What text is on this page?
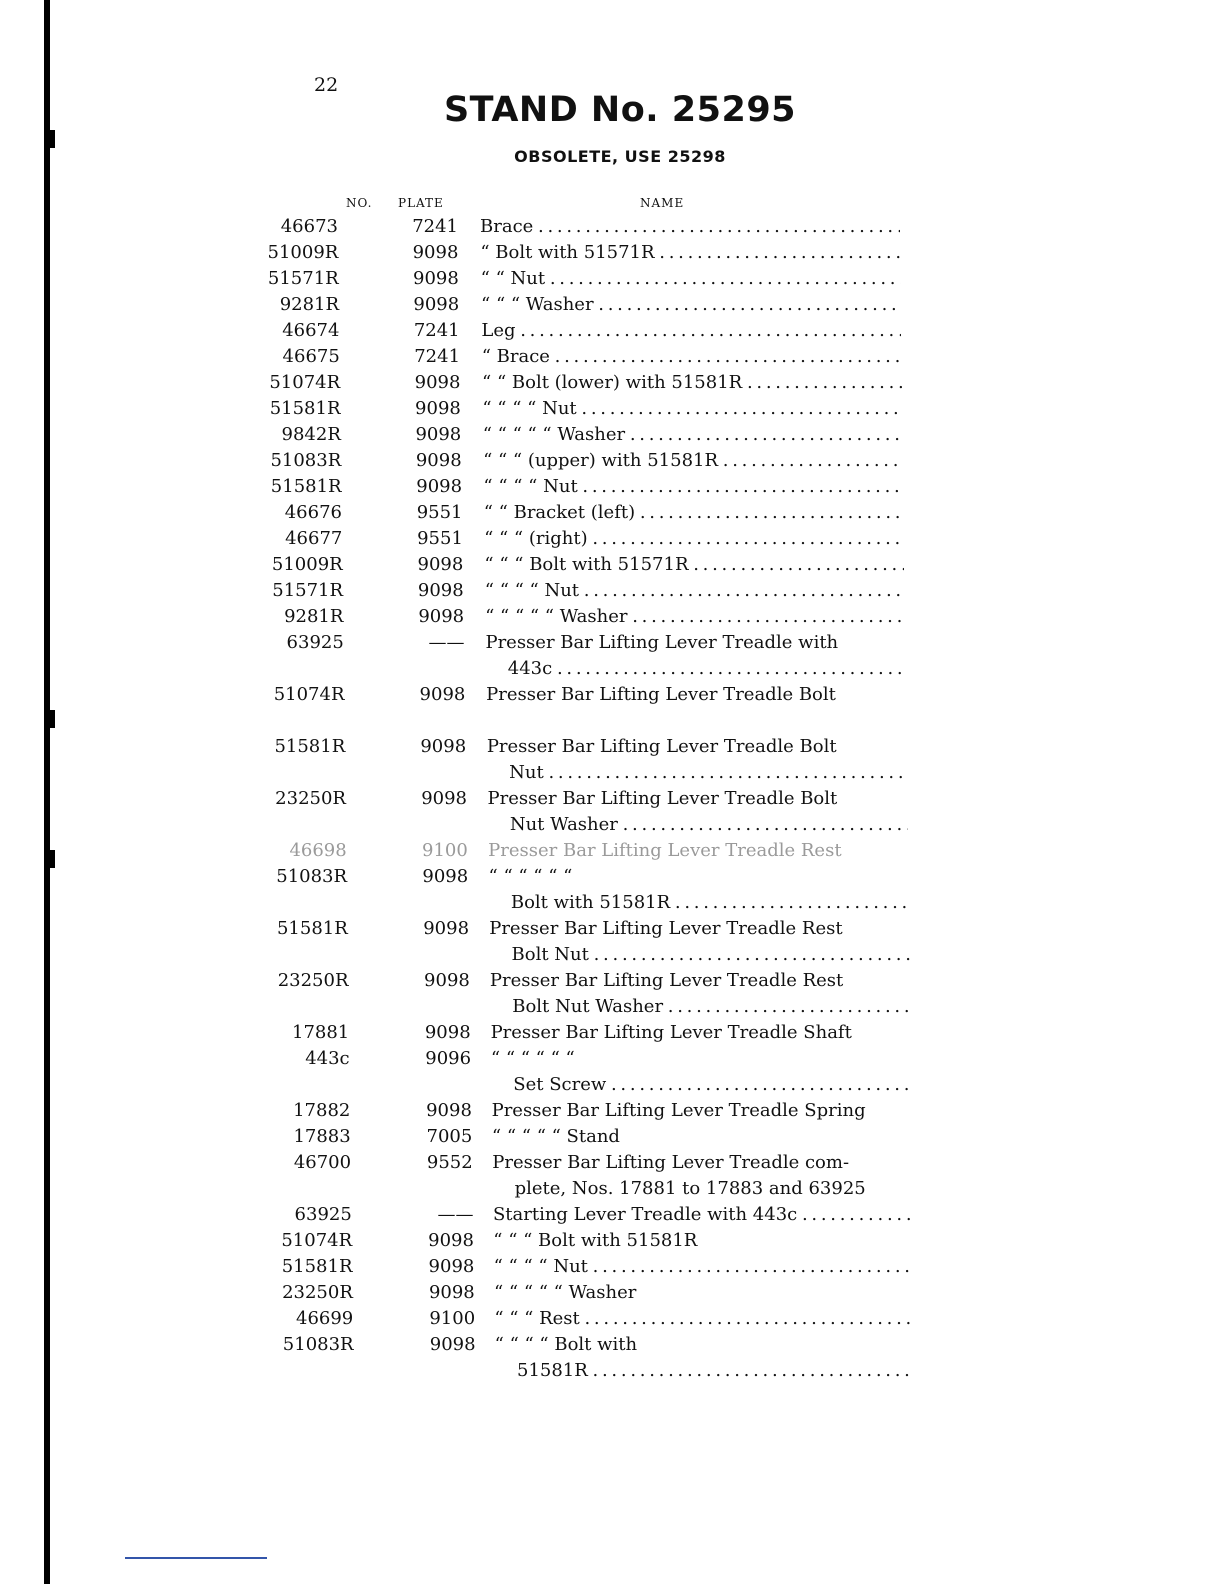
22
STAND No. 25295
OBSOLETE, USE 25298
NO. PLATE	NAME
46673	7241 Brace . . .
51009R	9098 “ Bolt with 51571R . . .
51571R	9098 “ “ Nut . . .
9281R	9098 “ “ “ Washer . . .
46674	7241 Leg . . .
46675	7241 “ Brace . . .
51074R	9098 “ “ Bolt (lower) with 51581R . . .
51581R	9098 “ “ “ “ Nut . . .
9842R	9098 “ “ “ “ “ Washer . . .
51083R	9098 “ “ “ (upper) with 51581R . . .
51581R	9098 “ “ “ “ Nut . . .
46676	9551 “ “ Bracket (left) . . .
46677	9551 “ “ “ (right) . . .
51009R	9098 “ “ “ Bolt with 51571R . . .
51571R	9098 “ “ “ “ Nut . . .
9281R	9098 “ “ “ “ “ Washer . . .
63925	—— Presser Bar Lifting Lever Treadle with
443c . . .
51074R	9098 Presser Bar Lifting Lever Treadle Bolt
51581R	9098 Presser Bar Lifting Lever Treadle Bolt
Nut . . .
23250R	9098 Presser Bar Lifting Lever Treadle Bolt
Nut Washer . . .
46698	9100 Presser Bar Lifting Lever Treadle Rest
51083R	9098 “ “ “ “ “ “
Bolt with 51581R . . .
51581R	9098 Presser Bar Lifting Lever Treadle Rest
Bolt Nut . . .
23250R	9098 Presser Bar Lifting Lever Treadle Rest
Bolt Nut Washer . . .
17881	9098 Presser Bar Lifting Lever Treadle Shaft
443c	9096 “ “ “ “ “ “
Set Screw . . .
17882	9098 Presser Bar Lifting Lever Treadle Spring
17883	7005 “ “ “ “ “ Stand
46700	9552 Presser Bar Lifting Lever Treadle com-
plete, Nos. 17881 to 17883 and 63925
63925	—— Starting Lever Treadle with 443c . . .
51074R	9098 “ “ “ Bolt with 51581R
51581R	9098 “ “ “ “ Nut . . .
23250R	9098 “ “ “ “ “ Washer
46699	9100 “ “ “ Rest . . .
51083R	9098 “ “ “ “ Bolt with
51581R . . .
